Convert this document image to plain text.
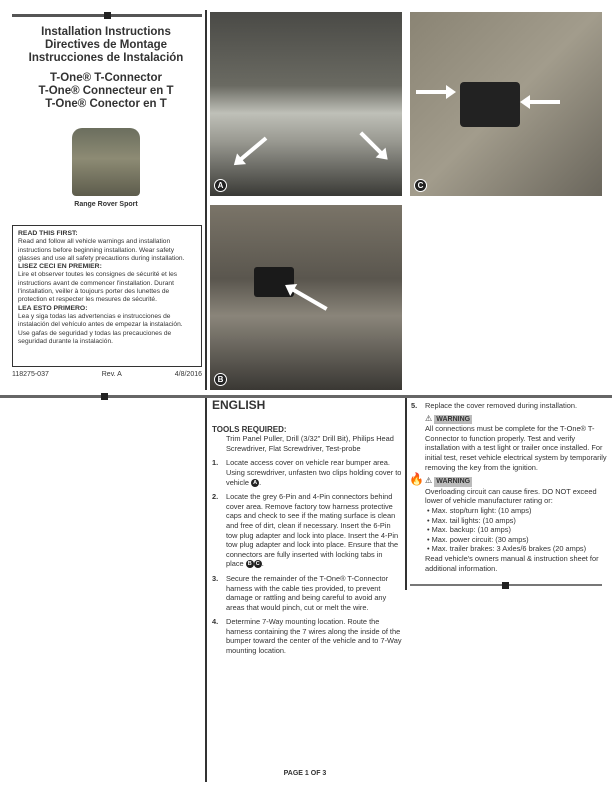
Installation Instructions
Directives de Montage
Instrucciones de Instalación
T-One® T-Connector
T-One® Connecteur en T
T-One® Conector en T
Range Rover Sport
READ THIS FIRST:
Read and follow all vehicle warnings and installation instructions before beginning installation. Wear safety glasses and use all safety precautions during installation.
LISEZ CECI EN PREMIER:
Lire et observer toutes les consignes de sécurité et les instructions avant de commencer l'installation. Durant l'installation, veiller à toujours porter des lunettes de protection et respecter les mesures de sécurité.
LEA ESTO PRIMERO:
Lea y siga todas las advertencias e instrucciones de instalación del vehículo antes de empezar la instalación. Use gafas de seguridad y todas las precauciones de seguridad durante la instalación.
118275-037	Rev. A	4/8/2016
A	C
B
ENGLISH
TOOLS REQUIRED:
Trim Panel Puller, Drill (3/32" Drill Bit), Philips Head Screwdriver, Flat Screwdriver, Test-probe
1.	Locate access cover on vehicle rear bumper area. Using screwdriver, unfasten two clips holding cover to vehicle A .
2.	Locate the grey 6-Pin and 4-Pin connectors behind cover area. Remove factory tow harness protective caps and check to see if the mating surface is clean and free of dirt, clean if necessary. Insert the 6-Pin tow plug adapter and lock into place. Insert the 4-Pin tow plug adapter and lock into place. Ensure that the connectors are fully inserted with locking tabs in place B C .
3.	Secure the remainder of the T-One® T-Connector harness with the cable ties provided, to prevent damage or rattling and being careful to avoid any areas that would pinch, cut or melt the wire.
4.	Determine 7-Way mounting location. Route the harness containing the 7 wires along the inside of the bumper toward the center of the vehicle and to 7-Way mounting location.
5.	Replace the cover removed during installation.
⚠ WARNING
All connections must be complete for the T-One® T-Connector to function properly. Test and verify installation with a test light or trailer once installed. For initial test, reset vehicle electrical system by temporarily removing the key from the ignition.
🔥 ⚠ WARNING
Overloading circuit can cause fires. DO NOT exceed lower of vehicle manufacturer rating or:
• Max. stop/turn light: (10 amps)
• Max. tail lights: (10 amps)
• Max. backup: (10 amps)
• Max. power circuit: (30 amps)
• Max. trailer brakes: 3 Axles/6 brakes (20 amps)
Read vehicle's owners manual & instruction sheet for additional information.
PAGE 1 OF 3
